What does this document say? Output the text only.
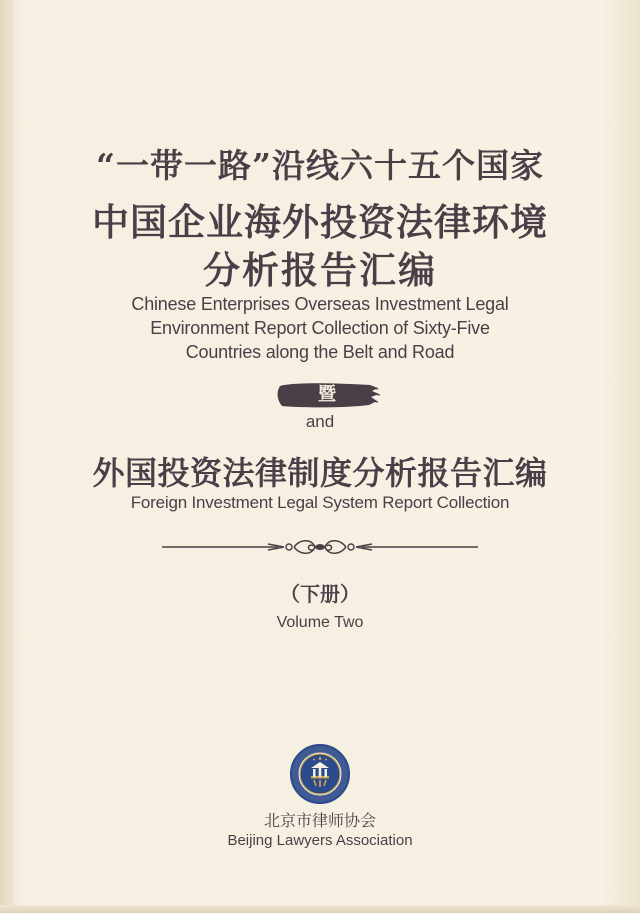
“一带一路”沿线六十五个国家
中国企业海外投资法律环境
分析报告汇编
Chinese Enterprises Overseas Investment Legal
Environment Report Collection of Sixty-Five
Countries along the Belt and Road
暨
and
外国投资法律制度分析报告汇编
Foreign Investment Legal System Report Collection
（下册）
Volume Two
北京市律师协会
Beijing Lawyers Association
